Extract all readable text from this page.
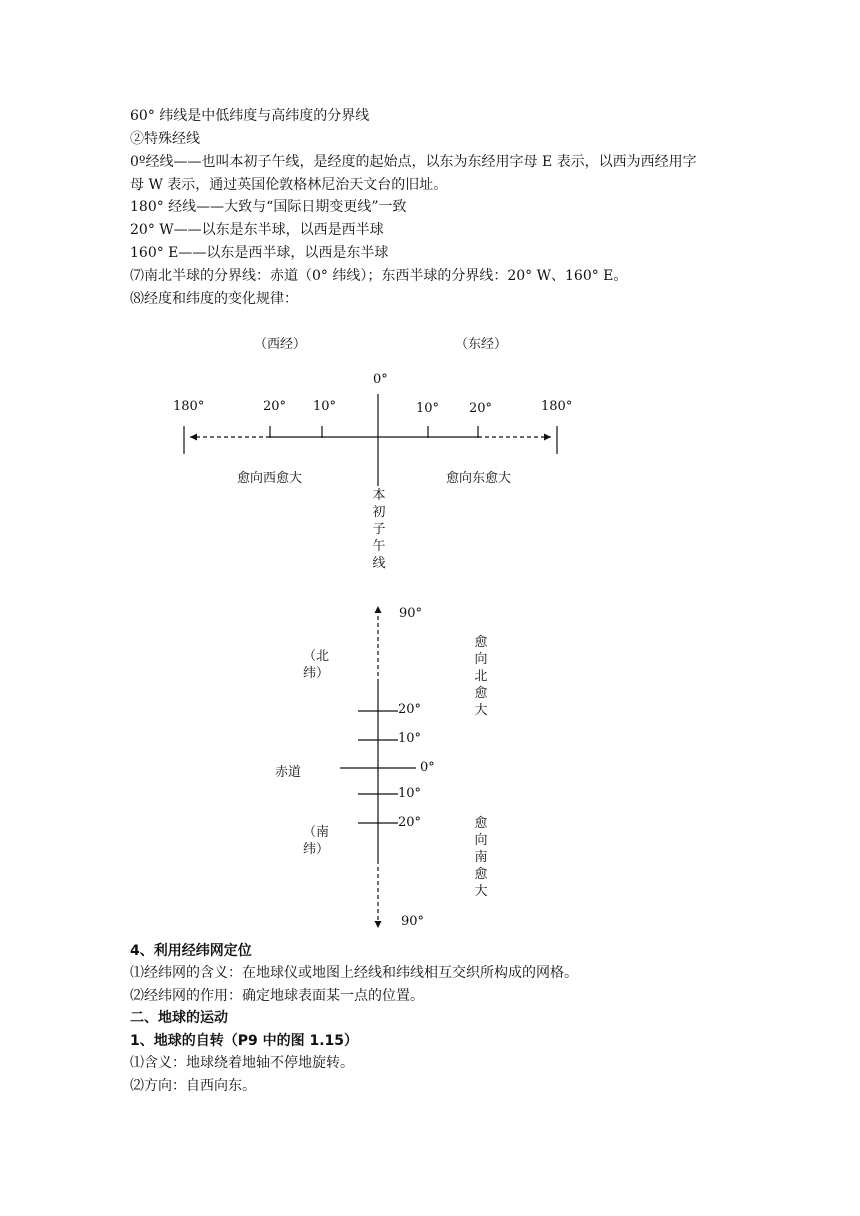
60° 纬线是中低纬度与高纬度的分界线
②特殊经线
0º经线——也叫本初子午线，是经度的起始点，以东为东经用字母 E 表示，以西为西经用字
母 W 表示，通过英国伦敦格林尼治天文台的旧址。
180° 经线——大致与“国际日期变更线”一致
20° W——以东是东半球，以西是西半球
160° E——以东是西半球，以西是东半球
⑺南北半球的分界线：赤道（0° 纬线）；东西半球的分界线：20° W、160° E。
⑻经度和纬度的变化规律：
（西经）	（东经）
0°
180°	20° 10°	10° 20°	180°
愈向西愈大	愈向东愈大
本初子午线
90°
20°
10°
0°
10°
20°
90°
赤道
（北纬）
（南纬）
愈向北愈大
愈向南愈大
4、利用经纬网定位
⑴经纬网的含义：在地球仪或地图上经线和纬线相互交织所构成的网格。
⑵经纬网的作用：确定地球表面某一点的位置。
二、地球的运动
1、地球的自转（P9 中的图 1.15）
⑴含义：地球绕着地轴不停地旋转。
⑵方向：自西向东。
